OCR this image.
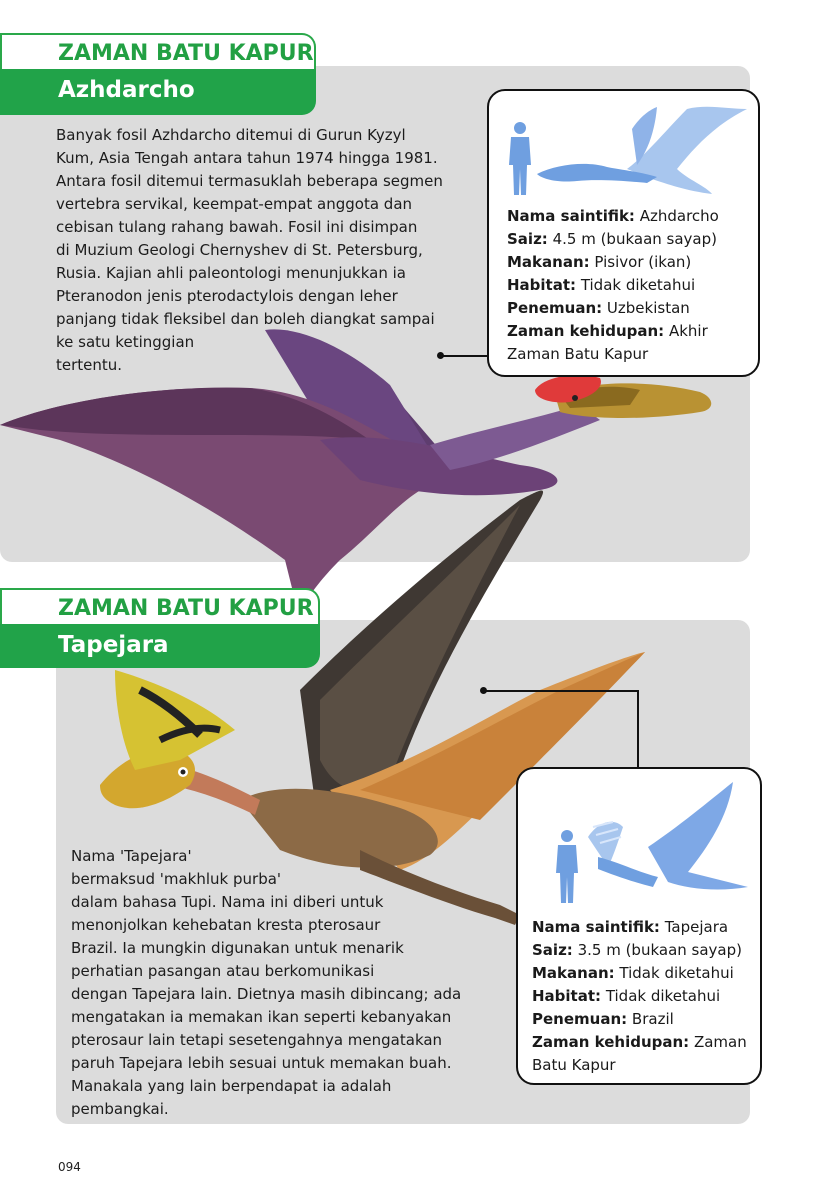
ZAMAN BATU KAPUR
Azhdarcho
Banyak fosil Azhdarcho ditemui di Gurun Kyzyl
Kum, Asia Tengah antara tahun 1974 hingga 1981.
Antara fosil ditemui termasuklah beberapa segmen
vertebra servikal, keempat-empat anggota dan
cebisan tulang rahang bawah. Fosil ini disimpan
di Muzium Geologi Chernyshev di St. Petersburg,
Rusia. Kajian ahli paleontologi menunjukkan ia
Pteranodon jenis pterodactylois dengan leher
panjang tidak fleksibel dan boleh diangkat sampai
ke satu ketinggian
tertentu.
Nama saintifik: Azhdarcho
Saiz: 4.5 m (bukaan sayap)
Makanan: Pisivor (ikan)
Habitat: Tidak diketahui
Penemuan: Uzbekistan
Zaman kehidupan: Akhir
Zaman Batu Kapur
ZAMAN BATU KAPUR
Tapejara
Nama 'Tapejara'
bermaksud 'makhluk purba'
dalam bahasa Tupi. Nama ini diberi untuk
menonjolkan kehebatan kresta pterosaur
Brazil. Ia mungkin digunakan untuk menarik
perhatian pasangan atau berkomunikasi
dengan Tapejara lain. Dietnya masih dibincang; ada
mengatakan ia memakan ikan seperti kebanyakan
pterosaur lain tetapi sesetengahnya mengatakan
paruh Tapejara lebih sesuai untuk memakan buah.
Manakala yang lain berpendapat ia adalah
pembangkai.
Nama saintifik: Tapejara
Saiz: 3.5 m (bukaan sayap)
Makanan: Tidak diketahui
Habitat: Tidak diketahui
Penemuan: Brazil
Zaman kehidupan: Zaman
Batu Kapur
094
